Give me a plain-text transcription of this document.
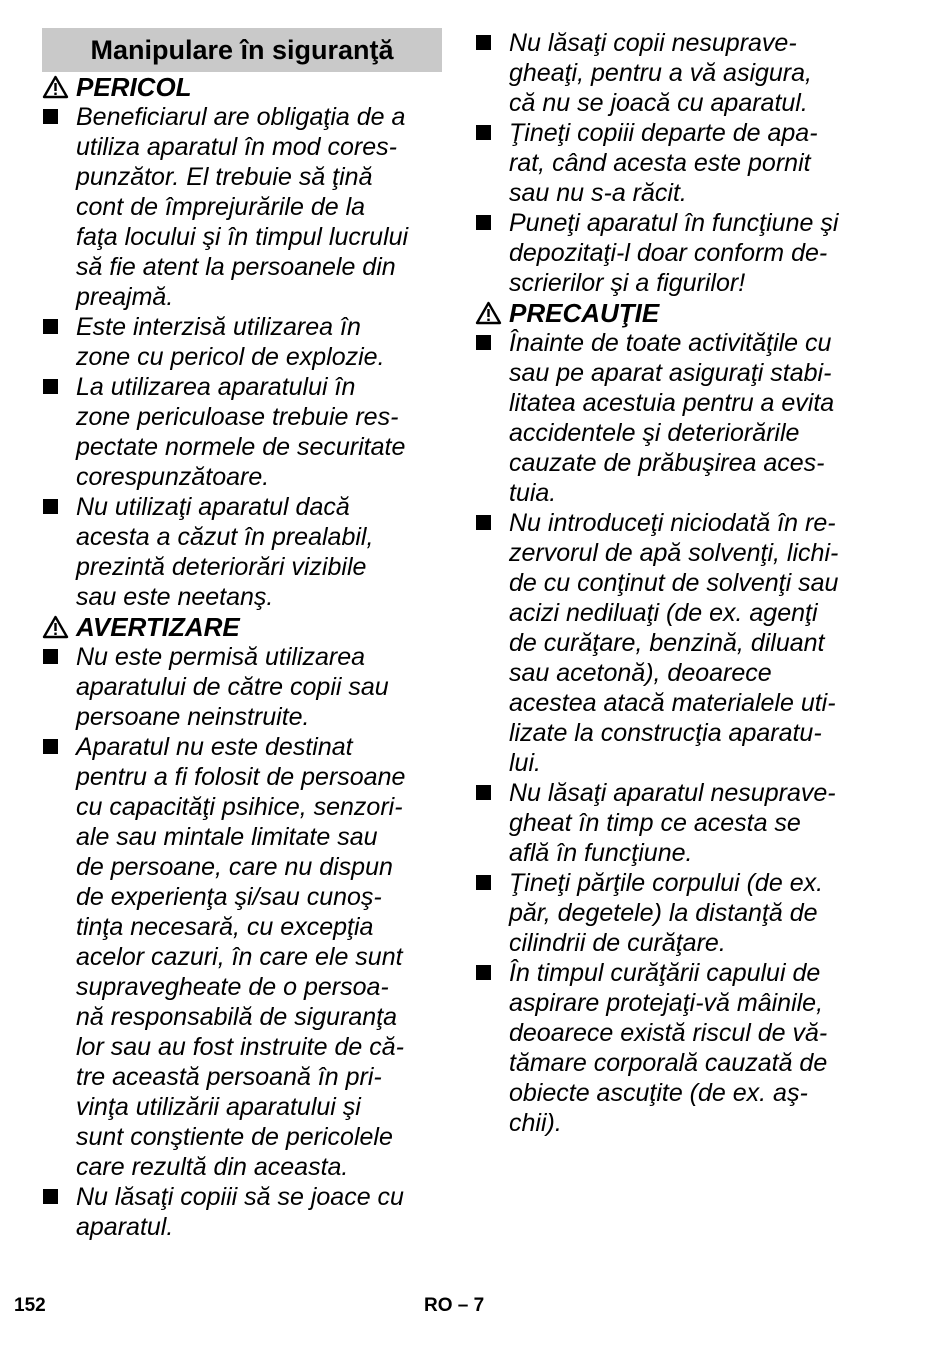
Manipulare în siguranţă
PERICOL
Beneficiarul are obligaţia de a
utiliza aparatul în mod cores-
punzător. El trebuie să ţină
cont de împrejurările de la
faţa locului şi în timpul lucrului
să fie atent la persoanele din
preajmă.
Este interzisă utilizarea în
zone cu pericol de explozie.
La utilizarea aparatului în
zone periculoase trebuie res-
pectate normele de securitate
corespunzătoare.
Nu utilizaţi aparatul dacă
acesta a căzut în prealabil,
prezintă deteriorări vizibile
sau este neetanş.
AVERTIZARE
Nu este permisă utilizarea
aparatului de către copii sau
persoane neinstruite.
Aparatul nu este destinat
pentru a fi folosit de persoane
cu capacităţi psihice, senzori-
ale sau mintale limitate sau
de persoane, care nu dispun
de experienţa şi/sau cunoş-
tinţa necesară, cu excepţia
acelor cazuri, în care ele sunt
supravegheate de o persoa-
nă responsabilă de siguranţa
lor sau au fost instruite de că-
tre această persoană în pri-
vinţa utilizării aparatului şi
sunt conştiente de pericolele
care rezultă din aceasta.
Nu lăsaţi copiii să se joace cu
aparatul.
Nu lăsaţi copii nesuprave-
gheaţi, pentru a vă asigura,
că nu se joacă cu aparatul.
Ţineţi copiii departe de apa-
rat, când acesta este pornit
sau nu s-a răcit.
Puneţi aparatul în funcţiune şi
depozitaţi-l doar conform de-
scrierilor şi a figurilor!
PRECAUŢIE
Înainte de toate activităţile cu
sau pe aparat asiguraţi stabi-
litatea acestuia pentru a evita
accidentele şi deteriorările
cauzate de prăbuşirea aces-
tuia.
Nu introduceţi niciodată în re-
zervorul de apă solvenţi, lichi-
de cu conţinut de solvenţi sau
acizi nediluaţi (de ex. agenţi
de curăţare, benzină, diluant
sau acetonă), deoarece
acestea atacă materialele uti-
lizate la construcţia aparatu-
lui.
Nu lăsaţi aparatul nesuprave-
gheat în timp ce acesta se
află în funcţiune.
Ţineţi părţile corpului (de ex.
păr, degetele) la distanţă de
cilindrii de curăţare.
În timpul curăţării capului de
aspirare protejaţi-vă mâinile,
deoarece există riscul de vă-
tămare corporală cauzată de
obiecte ascuţite (de ex. aş-
chii).
152	RO – 7
